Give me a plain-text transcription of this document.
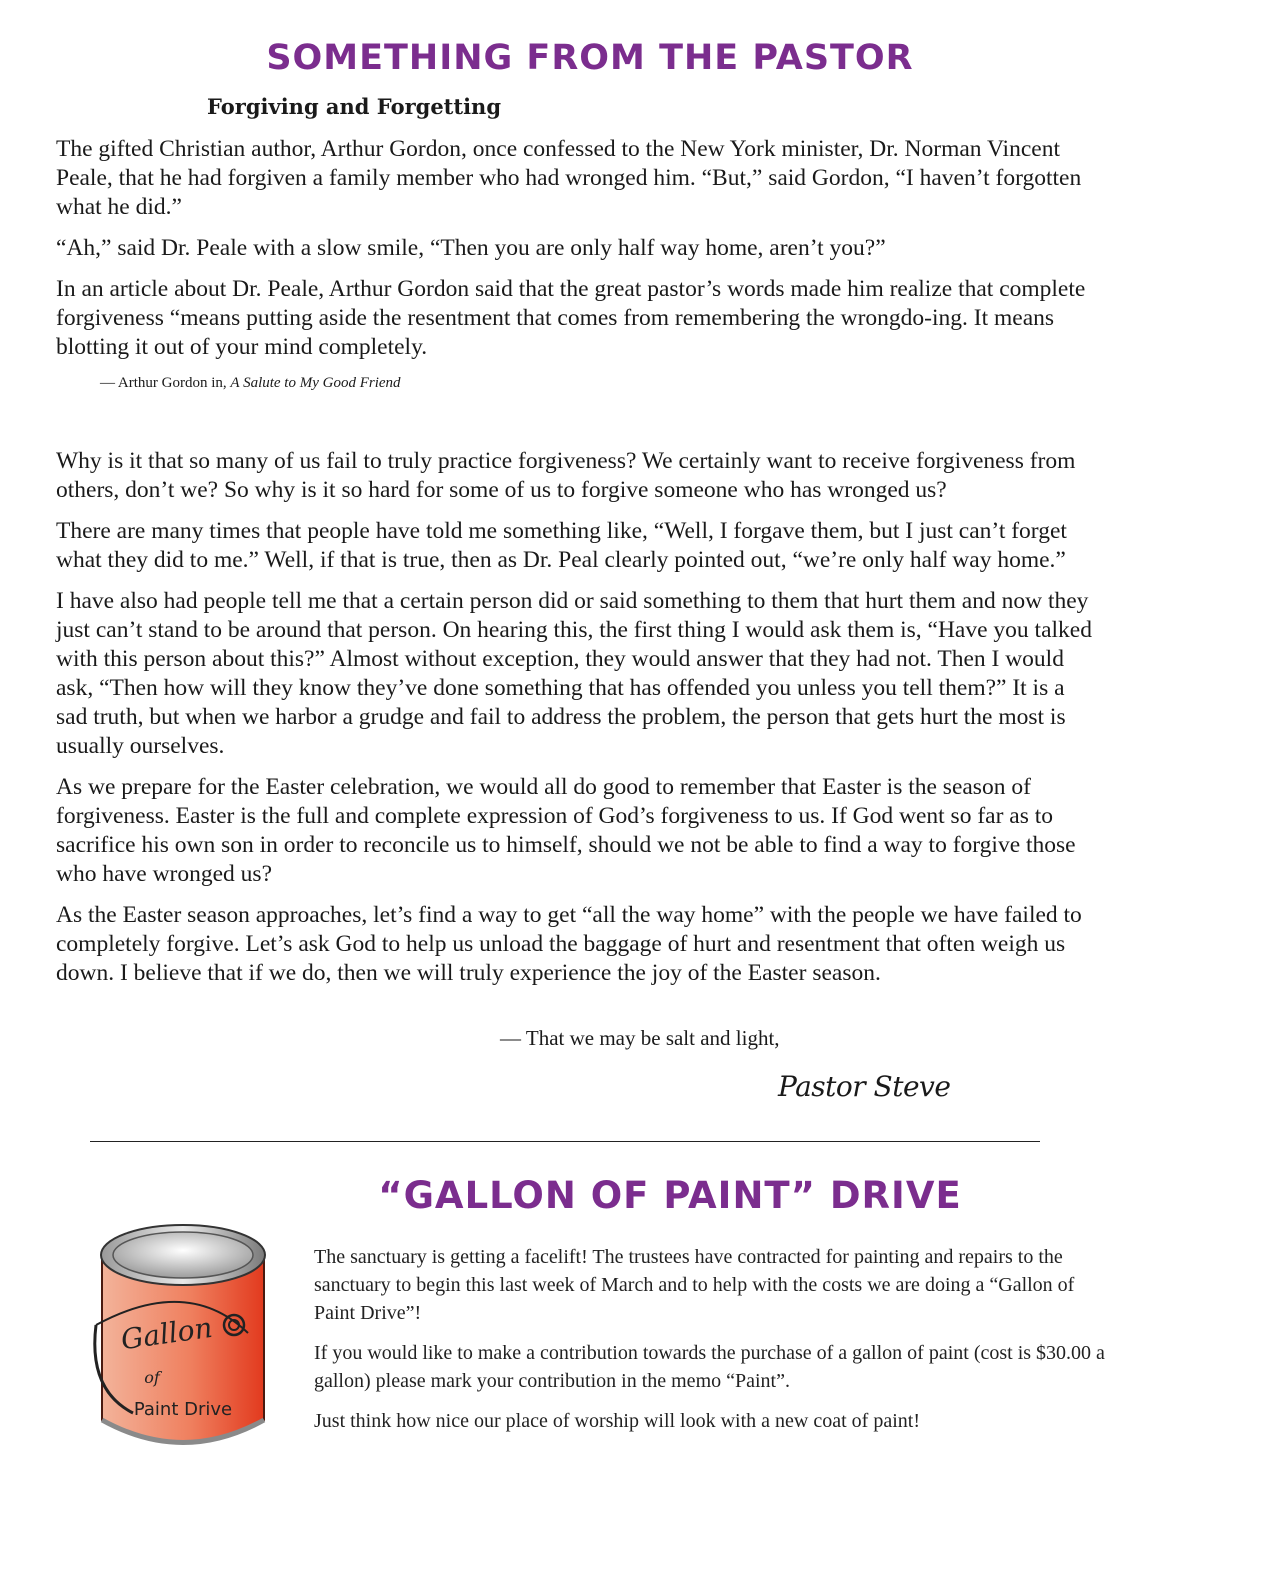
SOMETHING FROM THE PASTOR
Forgiving and Forgetting

The gifted Christian author, Arthur Gordon, once confessed to the New York minister, Dr. Norman Vincent Peale, that he had forgiven a family member who had wronged him. “But,” said Gordon, “I haven’t forgotten what he did.”

“Ah,” said Dr. Peale with a slow smile, “Then you are only half way home, aren’t you?”

In an article about Dr. Peale, Arthur Gordon said that the great pastor’s words made him realize that complete forgiveness “means putting aside the resentment that comes from remembering the wrongdo-ing. It means blotting it out of your mind completely.

— Arthur Gordon in, A Salute to My Good Friend

Why is it that so many of us fail to truly practice forgiveness? We certainly want to receive forgiveness from others, don’t we? So why is it so hard for some of us to forgive someone who has wronged us?

There are many times that people have told me something like, “Well, I forgave them, but I just can’t forget what they did to me.” Well, if that is true, then as Dr. Peal clearly pointed out, “we’re only half way home.”

I have also had people tell me that a certain person did or said something to them that hurt them and now they just can’t stand to be around that person. On hearing this, the first thing I would ask them is, “Have you talked with this person about this?” Almost without exception, they would answer that they had not. Then I would ask, “Then how will they know they’ve done something that has offended you unless you tell them?” It is a sad truth, but when we harbor a grudge and fail to address the problem, the person that gets hurt the most is usually ourselves.

As we prepare for the Easter celebration, we would all do good to remember that Easter is the season of forgiveness. Easter is the full and complete expression of God’s forgiveness to us. If God went so far as to sacrifice his own son in order to reconcile us to himself, should we not be able to find a way to forgive those who have wronged us?

As the Easter season approaches, let’s find a way to get “all the way home” with the people we have failed to completely forgive. Let’s ask God to help us unload the baggage of hurt and resentment that often weigh us down. I believe that if we do, then we will truly experience the joy of the Easter season.

— That we may be salt and light,

Pastor Steve

“GALLON OF PAINT” DRIVE
Gallon
of
Paint Drive

The sanctuary is getting a facelift! The trustees have contracted for painting and repairs to the sanctuary to begin this last week of March and to help with the costs we are doing a “Gallon of Paint Drive”!

If you would like to make a contribution towards the purchase of a gallon of paint (cost is $30.00 a gallon) please mark your contribution in the memo “Paint”.

Just think how nice our place of worship will look with a new coat of paint!
